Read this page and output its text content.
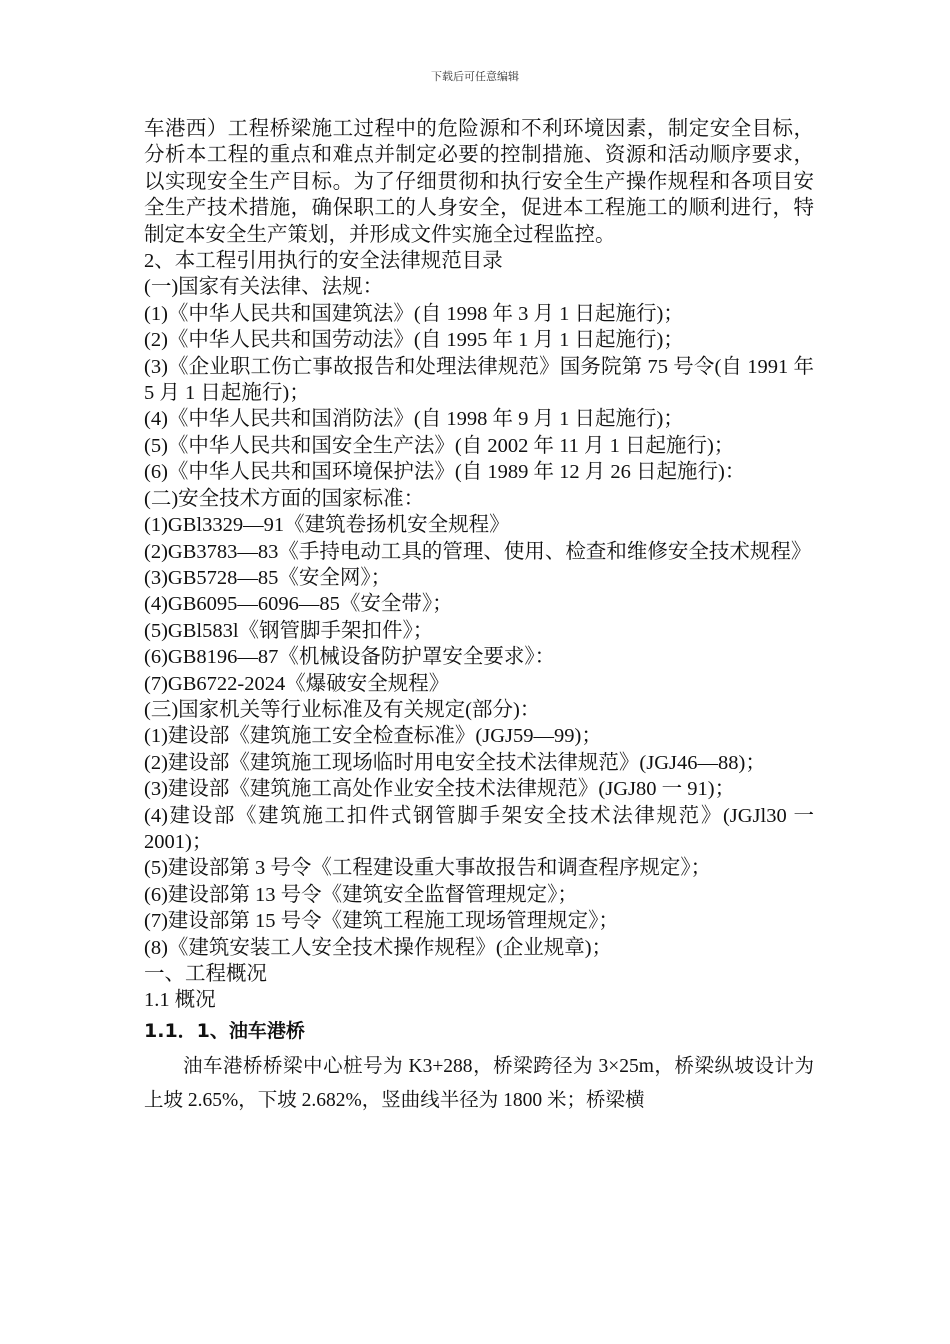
下载后可任意编辑

车港西）工程桥梁施工过程中的危险源和不利环境因素，制定安全目标，分析本工程的重点和难点并制定必要的控制措施、资源和活动顺序要求，以实现安全生产目标。为了仔细贯彻和执行安全生产操作规程和各项目安全生产技术措施，确保职工的人身安全，促进本工程施工的顺利进行，特制定本安全生产策划，并形成文件实施全过程监控。

2、本工程引用执行的安全法律规范目录

(一)国家有关法律、法规：

(1)《中华人民共和国建筑法》(自 1998 年 3 月 1 日起施行)；

(2)《中华人民共和国劳动法》(自 1995 年 1 月 1 日起施行)；

(3)《企业职工伤亡事故报告和处理法律规范》国务院第 75 号令(自 1991 年 5 月 1 日起施行)；

(4)《中华人民共和国消防法》(自 1998 年 9 月 1 日起施行)；

(5)《中华人民共和国安全生产法》(自 2002 年 11 月 1 日起施行)；

(6)《中华人民共和国环境保护法》(自 1989 年 12 月 26 日起施行)：

(二)安全技术方面的国家标准：

(1)GBl3329—91《建筑卷扬机安全规程》

(2)GB3783—83《手持电动工具的管理、使用、检查和维修安全技术规程》

(3)GB5728—85《安全网》；

(4)GB6095—6096—85《安全带》；

(5)GBl583l《钢管脚手架扣件》；

(6)GB8196—87《机械设备防护罩安全要求》：

(7)GB6722-2024《爆破安全规程》

(三)国家机关等行业标准及有关规定(部分)：

(1)建设部《建筑施工安全检查标准》(JGJ59—99)；

(2)建设部《建筑施工现场临时用电安全技术法律规范》(JGJ46—88)；

(3)建设部《建筑施工高处作业安全技术法律规范》(JGJ80 一 91)；

(4)建设部《建筑施工扣件式钢管脚手架安全技术法律规范》(JGJl30 一 2001)；

(5)建设部第 3 号令《工程建设重大事故报告和调查程序规定》；

(6)建设部第 13 号令《建筑安全监督管理规定》；

(7)建设部第 15 号令《建筑工程施工现场管理规定》；

(8)《建筑安装工人安全技术操作规程》(企业规章)；

一、工程概况

1.1 概况

1.1．1、油车港桥

油车港桥桥梁中心桩号为 K3+288，桥梁跨径为 3×25m，桥梁纵坡设计为上坡 2.65%，下坡 2.682%，竖曲线半径为 1800 米；桥梁横
